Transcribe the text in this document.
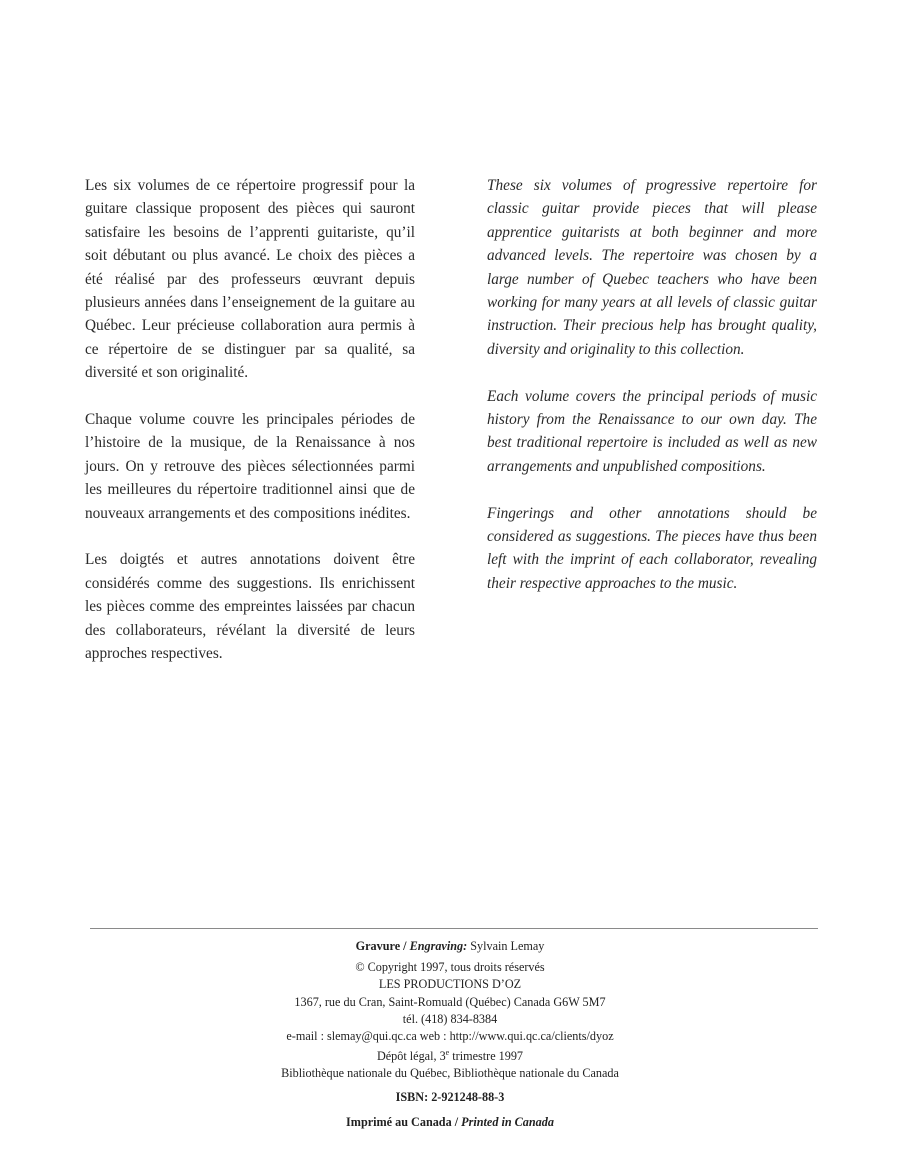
Les six volumes de ce répertoire progressif pour la guitare classique proposent des pièces qui sauront satisfaire les besoins de l’apprenti guitariste, qu’il soit débutant ou plus avancé. Le choix des pièces a été réalisé par des professeurs œuvrant depuis plusieurs années dans l’enseignement de la guitare au Québec. Leur précieuse collaboration aura permis à ce répertoire de se distinguer par sa qualité, sa diversité et son originalité.

Chaque volume couvre les principales périodes de l’histoire de la musique, de la Renaissance à nos jours. On y retrouve des pièces sélectionnées parmi les meilleures du répertoire traditionnel ainsi que de nouveaux arrangements et des compositions inédites.

Les doigtés et autres annotations doivent être considérés comme des suggestions. Ils enrichissent les pièces comme des empreintes laissées par chacun des collaborateurs, révélant la diversité de leurs approches respectives.

These six volumes of progressive repertoire for classic guitar provide pieces that will please apprentice guitarists at both beginner and more advanced levels. The repertoire was chosen by a large number of Quebec teachers who have been working for many years at all levels of classic guitar instruction. Their precious help has brought quality, diversity and originality to this collection.

Each volume covers the principal periods of music history from the Renaissance to our own day. The best traditional repertoire is included as well as new arrangements and unpublished compositions.

Fingerings and other annotations should be considered as suggestions. The pieces have thus been left with the imprint of each collaborator, revealing their respective approaches to the music.

Gravure / Engraving: Sylvain Lemay
© Copyright 1997, tous droits réservés
LES PRODUCTIONS D’OZ
1367, rue du Cran, Saint-Romuald (Québec) Canada G6W 5M7
tél. (418) 834-8384
e-mail : slemay@qui.qc.ca web : http://www.qui.qc.ca/clients/dyoz
Dépôt légal, 3e trimestre 1997
Bibliothèque nationale du Québec, Bibliothèque nationale du Canada
ISBN: 2-921248-88-3
Imprimé au Canada / Printed in Canada
